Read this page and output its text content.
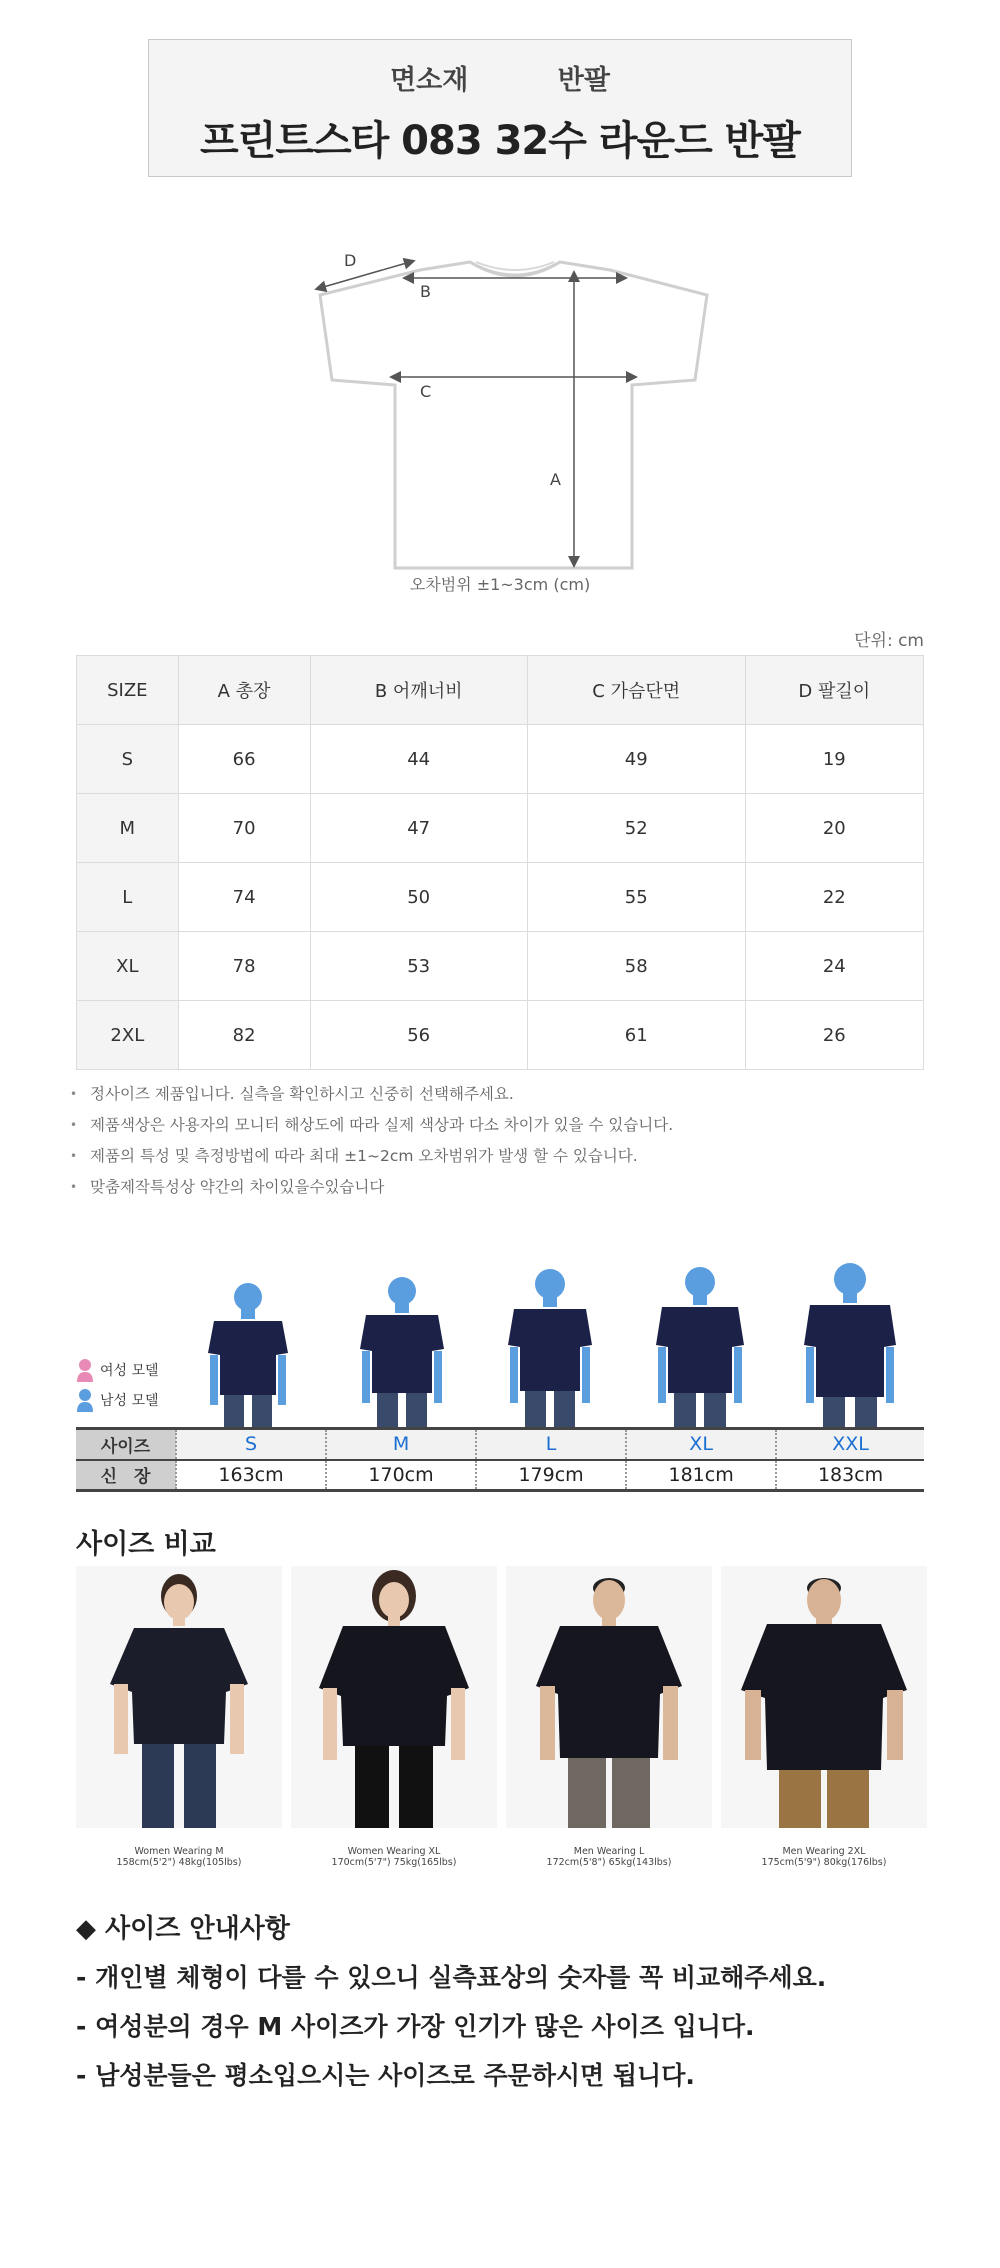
면소재	반팔
프린트스타 083 32수 라운드 반팔
D
B
C
A
오차범위 ±1~3cm (cm)
단위: cm
SIZE	A 총장	B 어깨너비	C 가슴단면	D 팔길이
S	66	44	49	19
M	70	47	52	20
L	74	50	55	22
XL	78	53	58	24
2XL	82	56	61	26
• 정사이즈 제품입니다. 실측을 확인하시고 신중히 선택해주세요.
• 제품색상은 사용자의 모니터 해상도에 따라 실제 색상과 다소 차이가 있을 수 있습니다.
• 제품의 특성 및 측정방법에 따라 최대 ±1~2cm 오차범위가 발생 할 수 있습니다.
• 맞춤제작특성상 약간의 차이있을수있습니다
여성 모델
남성 모델
사이즈	S	M	L	XL	XXL
신　장	163cm	170cm	179cm	181cm	183cm
사이즈 비교
Women Wearing M
158cm(5'2") 48kg(105lbs)
Women Wearing XL
170cm(5'7") 75kg(165lbs)
Men Wearing L
172cm(5'8") 65kg(143lbs)
Men Wearing 2XL
175cm(5'9") 80kg(176lbs)
◆ 사이즈 안내사항
- 개인별 체형이 다를 수 있으니 실측표상의 숫자를 꼭 비교해주세요.
- 여성분의 경우 M 사이즈가 가장 인기가 많은 사이즈 입니다.
- 남성분들은 평소입으시는 사이즈로 주문하시면 됩니다.
